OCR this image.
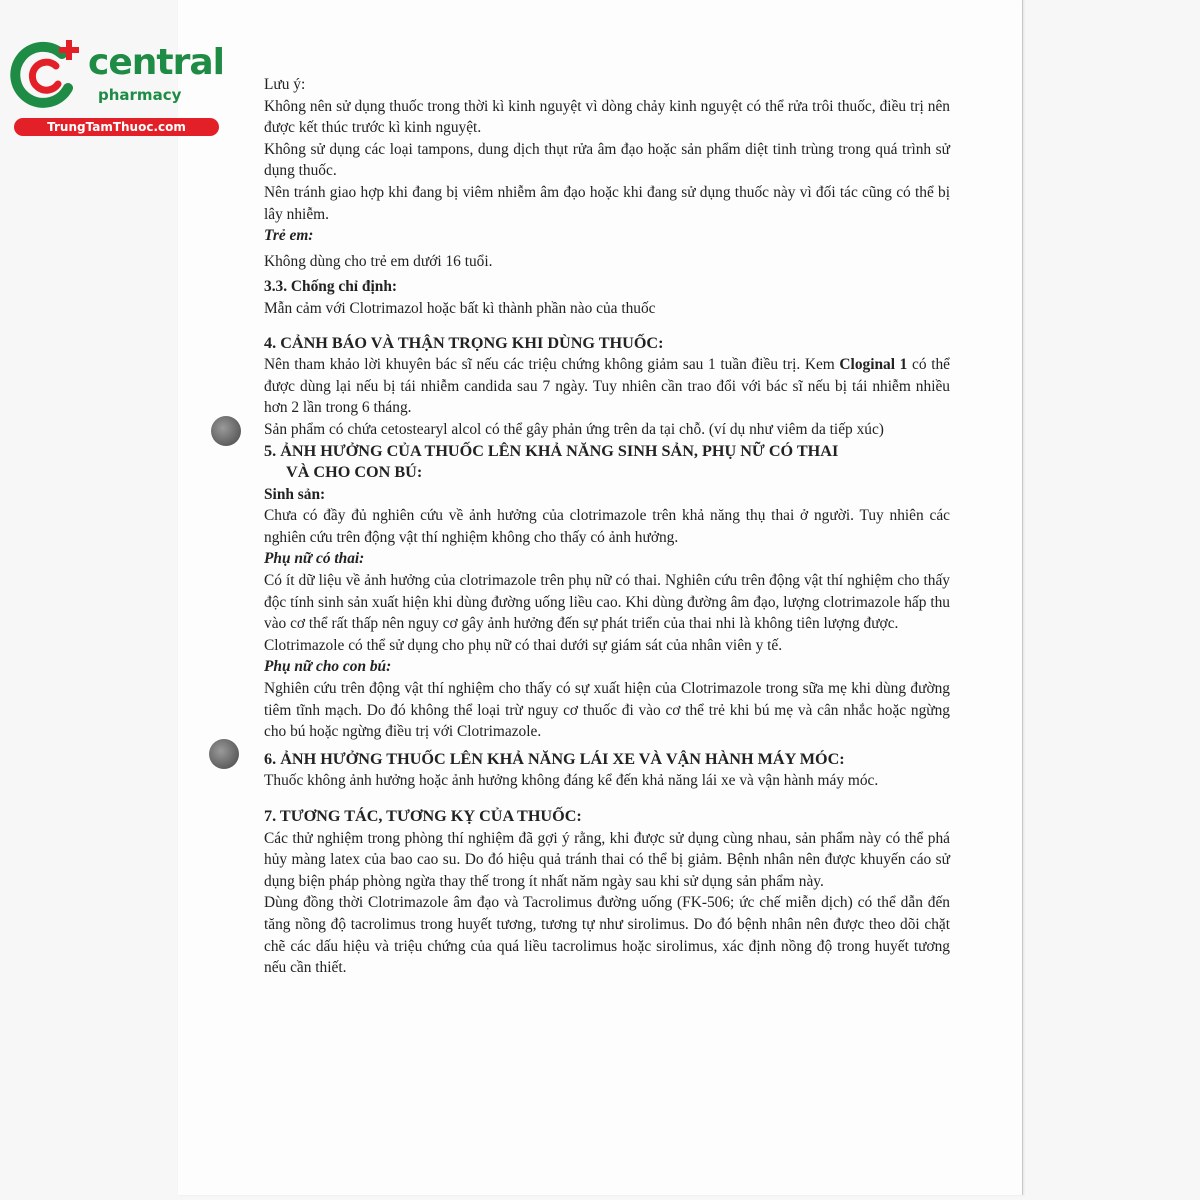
central
pharmacy
TrungTamThuoc.com

Lưu ý:

Không nên sử dụng thuốc trong thời kì kinh nguyệt vì dòng chảy kinh nguyệt có thể rửa trôi thuốc, điều trị nên được kết thúc trước kì kinh nguyệt.

Không sử dụng các loại tampons, dung dịch thụt rửa âm đạo hoặc sản phẩm diệt tinh trùng trong quá trình sử dụng thuốc.

Nên tránh giao hợp khi đang bị viêm nhiễm âm đạo hoặc khi đang sử dụng thuốc này vì đối tác cũng có thể bị lây nhiễm.

Trẻ em:

Không dùng cho trẻ em dưới 16 tuổi.

3.3. Chống chỉ định:

Mẫn cảm với Clotrimazol hoặc bất kì thành phần nào của thuốc

4. CẢNH BÁO VÀ THẬN TRỌNG KHI DÙNG THUỐC:

Nên tham khảo lời khuyên bác sĩ nếu các triệu chứng không giảm sau 1 tuần điều trị. Kem Cloginal 1 có thể được dùng lại nếu bị tái nhiễm candida sau 7 ngày. Tuy nhiên cần trao đổi với bác sĩ nếu bị tái nhiễm nhiều hơn 2 lần trong 6 tháng.

Sản phẩm có chứa cetostearyl alcol có thể gây phản ứng trên da tại chỗ. (ví dụ như viêm da tiếp xúc)

5. ẢNH HƯỞNG CỦA THUỐC LÊN KHẢ NĂNG SINH SẢN, PHỤ NỮ CÓ THAI

VÀ CHO CON BÚ:

Sinh sản:

Chưa có đầy đủ nghiên cứu về ảnh hưởng của clotrimazole trên khả năng thụ thai ở người. Tuy nhiên các nghiên cứu trên động vật thí nghiệm không cho thấy có ảnh hưởng.

Phụ nữ có thai:

Có ít dữ liệu về ảnh hưởng của clotrimazole trên phụ nữ có thai. Nghiên cứu trên động vật thí nghiệm cho thấy độc tính sinh sản xuất hiện khi dùng đường uống liều cao. Khi dùng đường âm đạo, lượng clotrimazole hấp thu vào cơ thể rất thấp nên nguy cơ gây ảnh hưởng đến sự phát triển của thai nhi là không tiên lượng được.

Clotrimazole có thể sử dụng cho phụ nữ có thai dưới sự giám sát của nhân viên y tế.

Phụ nữ cho con bú:

Nghiên cứu trên động vật thí nghiệm cho thấy có sự xuất hiện của Clotrimazole trong sữa mẹ khi dùng đường tiêm tĩnh mạch. Do đó không thể loại trừ nguy cơ thuốc đi vào cơ thể trẻ khi bú mẹ và cân nhắc hoặc ngừng cho bú hoặc ngừng điều trị với Clotrimazole.

6. ẢNH HƯỞNG THUỐC LÊN KHẢ NĂNG LÁI XE VÀ VẬN HÀNH MÁY MÓC:

Thuốc không ảnh hưởng hoặc ảnh hưởng không đáng kể đến khả năng lái xe và vận hành máy móc.

7. TƯƠNG TÁC, TƯƠNG KỴ CỦA THUỐC:

Các thử nghiệm trong phòng thí nghiệm đã gợi ý rằng, khi được sử dụng cùng nhau, sản phẩm này có thể phá hủy màng latex của bao cao su. Do đó hiệu quả tránh thai có thể bị giảm. Bệnh nhân nên được khuyến cáo sử dụng biện pháp phòng ngừa thay thế trong ít nhất năm ngày sau khi sử dụng sản phẩm này.

Dùng đồng thời Clotrimazole âm đạo và Tacrolimus đường uống (FK-506; ức chế miễn dịch) có thể dẫn đến tăng nồng độ tacrolimus trong huyết tương, tương tự như sirolimus. Do đó bệnh nhân nên được theo dõi chặt chẽ các dấu hiệu và triệu chứng của quá liều tacrolimus hoặc sirolimus, xác định nồng độ trong huyết tương nếu cần thiết.
